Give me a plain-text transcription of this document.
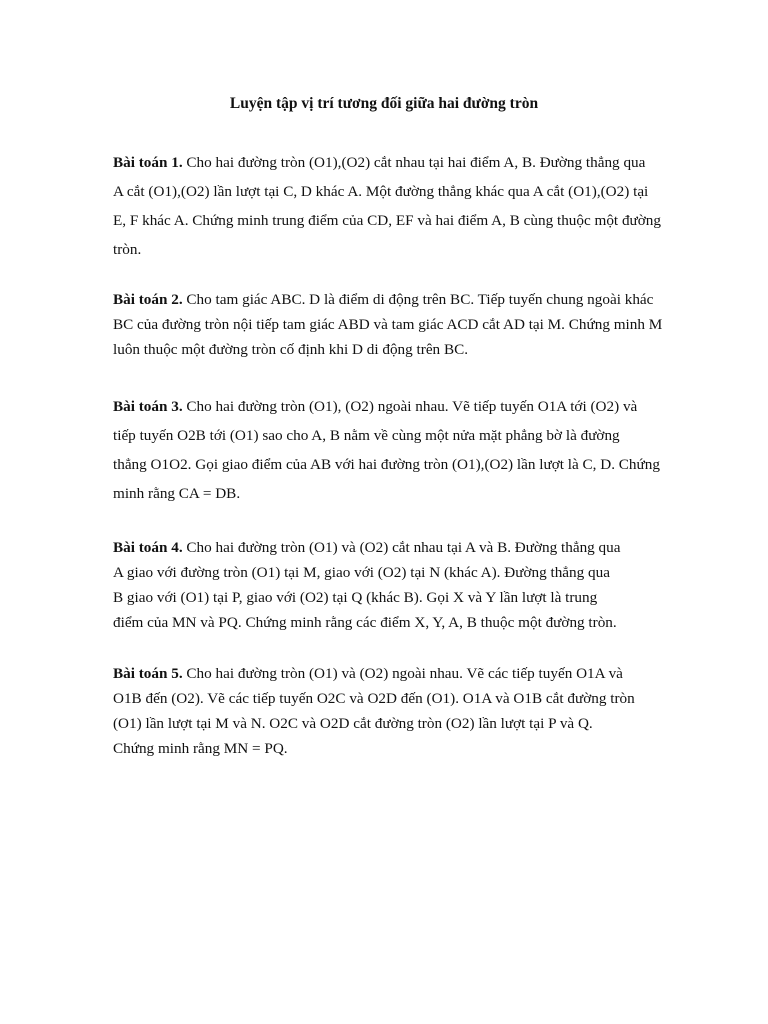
Luyện tập vị trí tương đối giữa hai đường tròn
Bài toán 1. Cho hai đường tròn (O1),(O2) cắt nhau tại hai điểm A, B. Đường thẳng qua
A cắt (O1),(O2) lần lượt tại C, D khác A. Một đường thẳng khác qua A cắt (O1),(O2) tại
E, F khác A. Chứng minh trung điểm của CD, EF và hai điểm A, B cùng thuộc một đường
tròn.
Bài toán 2. Cho tam giác ABC. D là điểm di động trên BC. Tiếp tuyến chung ngoài khác
BC của đường tròn nội tiếp tam giác ABD và tam giác ACD cắt AD tại M. Chứng minh M
luôn thuộc một đường tròn cố định khi D di động trên BC.
Bài toán 3. Cho hai đường tròn (O1), (O2) ngoài nhau. Vẽ tiếp tuyến O1A tới (O2) và
tiếp tuyến O2B tới (O1) sao cho A, B nằm về cùng một nửa mặt phẳng bờ là đường
thẳng O1O2. Gọi giao điểm của AB với hai đường tròn (O1),(O2) lần lượt là C, D. Chứng
minh rằng CA = DB.
Bài toán 4. Cho hai đường tròn (O1) và (O2) cắt nhau tại A và B. Đường thẳng qua
A giao với đường tròn (O1) tại M, giao với (O2) tại N (khác A). Đường thẳng qua
B giao với (O1) tại P, giao với (O2) tại Q (khác B). Gọi X và Y lần lượt là trung
điểm của MN và PQ. Chứng minh rằng các điểm X, Y, A, B thuộc một đường tròn.
Bài toán 5. Cho hai đường tròn (O1) và (O2) ngoài nhau. Vẽ các tiếp tuyến O1A và
O1B đến (O2). Vẽ các tiếp tuyến O2C và O2D đến (O1). O1A và O1B cắt đường tròn
(O1) lần lượt tại M và N. O2C và O2D cắt đường tròn (O2) lần lượt tại P và Q.
Chứng minh rằng MN = PQ.
